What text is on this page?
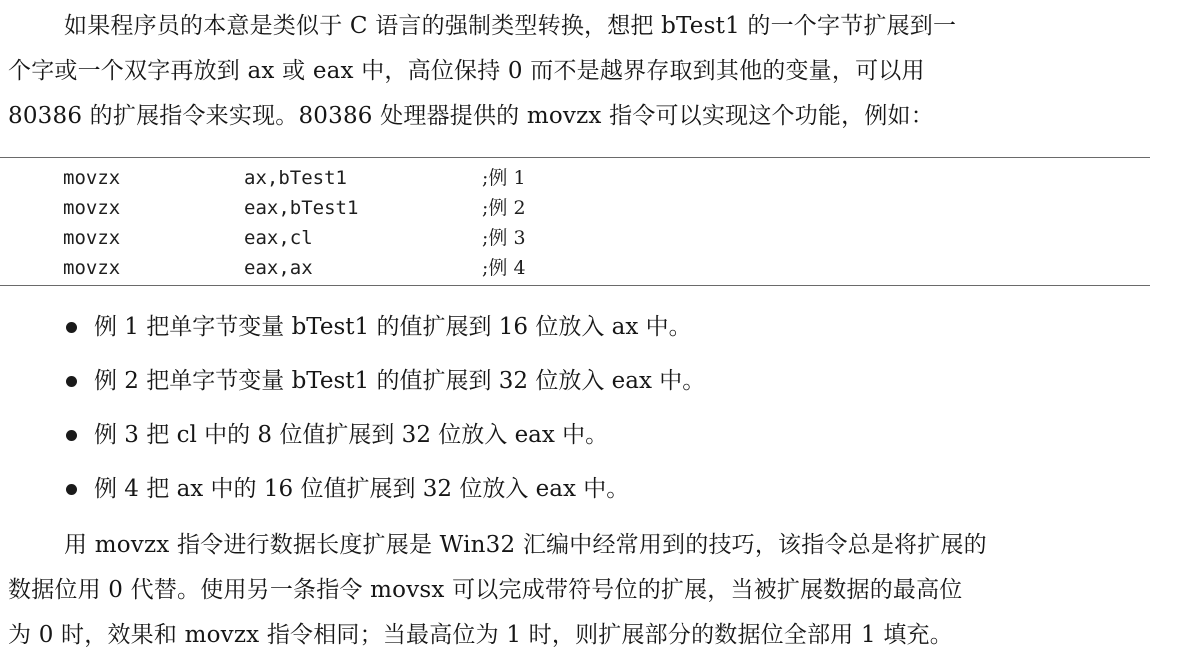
如果程序员的本意是类似于 C 语言的强制类型转换，想把 bTest1 的一个字节扩展到一
个字或一个双字再放到 ax 或 eax 中，高位保持 0 而不是越界存取到其他的变量，可以用
80386 的扩展指令来实现。80386 处理器提供的 movzx 指令可以实现这个功能，例如：
movzx	ax,bTest1	;例 1
movzx	eax,bTest1	;例 2
movzx	eax,cl	;例 3
movzx	eax,ax	;例 4
例 1 把单字节变量 bTest1 的值扩展到 16 位放入 ax 中。
例 2 把单字节变量 bTest1 的值扩展到 32 位放入 eax 中。
例 3 把 cl 中的 8 位值扩展到 32 位放入 eax 中。
例 4 把 ax 中的 16 位值扩展到 32 位放入 eax 中。
用 movzx 指令进行数据长度扩展是 Win32 汇编中经常用到的技巧，该指令总是将扩展的
数据位用 0 代替。使用另一条指令 movsx 可以完成带符号位的扩展，当被扩展数据的最高位
为 0 时，效果和 movzx 指令相同；当最高位为 1 时，则扩展部分的数据位全部用 1 填充。
